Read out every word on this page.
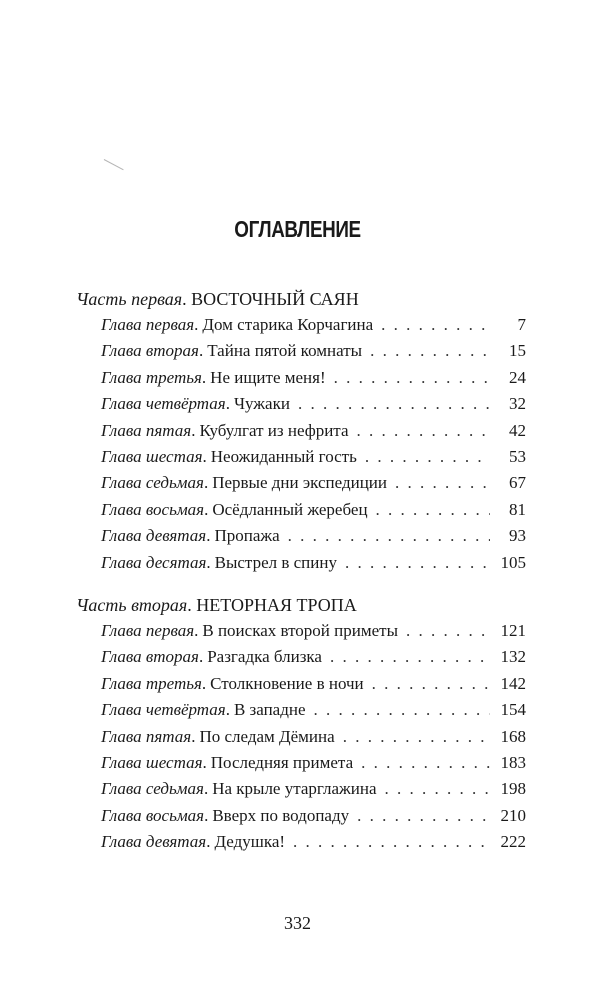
ОГЛАВЛЕНИЕ
Часть первая. ВОСТОЧНЫЙ САЯН
Глава первая . Дом старика Корчагина . . .	7
Глава вторая . Тайна пятой комнаты . . .	15
Глава третья . Не ищите меня! . . .	24
Глава четвёртая . Чужаки . . .	32
Глава пятая . Кубулгат из нефрита . . .	42
Глава шестая . Неожиданный гость . . .	53
Глава седьмая . Первые дни экспедиции . . .	67
Глава восьмая . Осёдланный жеребец . . .	81
Глава девятая . Пропажа . . .	93
Глава десятая . Выстрел в спину . . .	105
Часть вторая. НЕТОРНАЯ ТРОПА
Глава первая . В поисках второй приметы . . .	121
Глава вторая . Разгадка близка . . .	132
Глава третья . Столкновение в ночи . . .	142
Глава четвёртая . В западне . . .	154
Глава пятая . По следам Дёмина . . .	168
Глава шестая . Последняя примета . . .	183
Глава седьмая . На крыле утарглажина . . .	198
Глава восьмая . Вверх по водопаду . . .	210
Глава девятая . Дедушка! . . .	222
332
